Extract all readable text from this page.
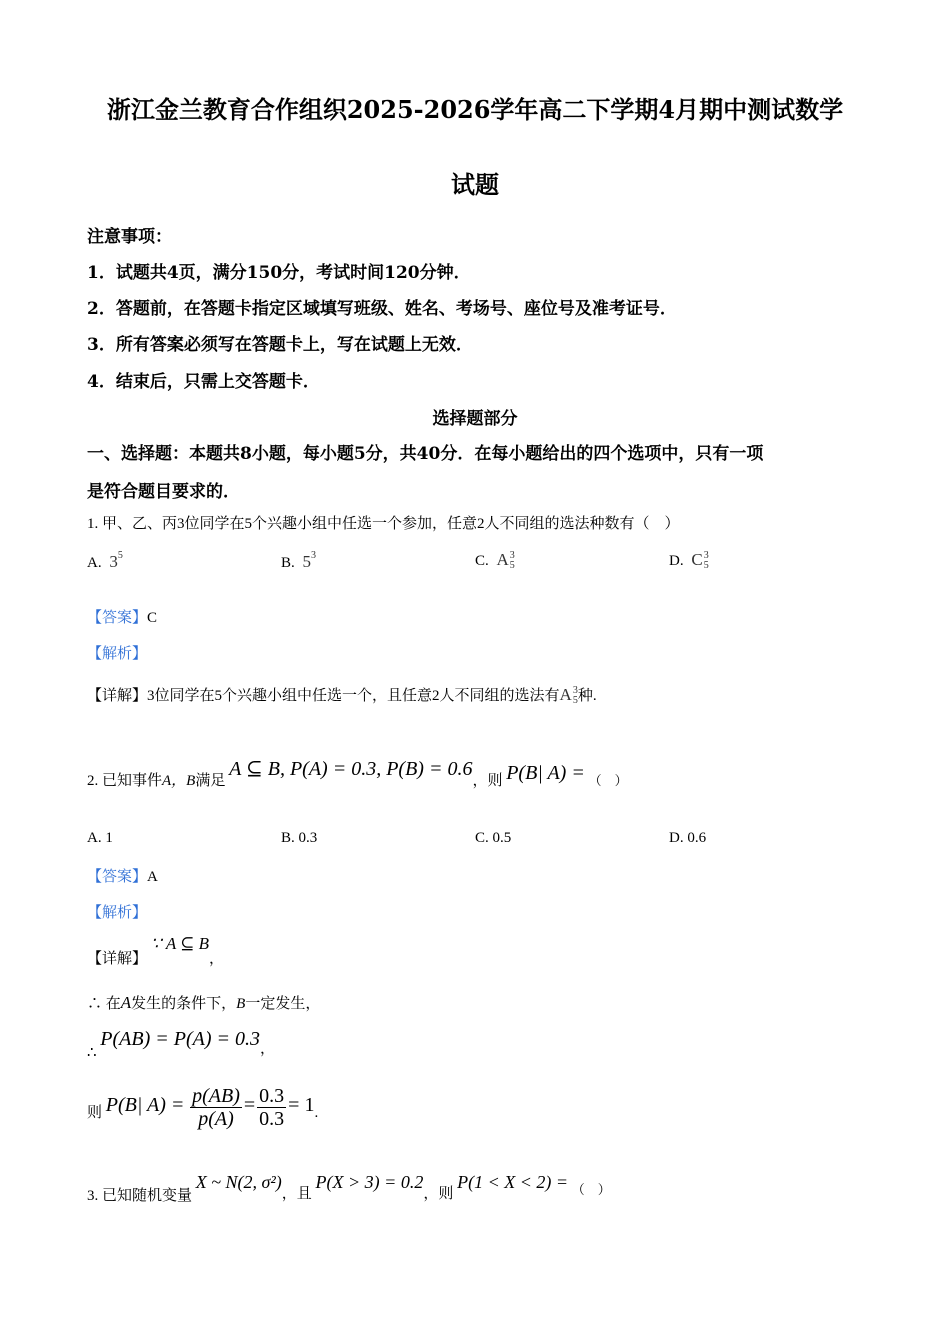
浙江金兰教育合作组织2025-2026学年高二下学期4月期中测试数学
试题
注意事项：
1．试题共4页，满分150分，考试时间120分钟．
2．答题前，在答题卡指定区域填写班级、姓名、考场号、座位号及准考证号．
3．所有答案必须写在答题卡上，写在试题上无效．
4．结束后，只需上交答题卡．
选择题部分
一、选择题：本题共8小题，每小题5分，共40分．在每小题给出的四个选项中，只有一项
是符合题目要求的．
1. 甲、乙、丙3位同学在5个兴趣小组中任选一个参加，任意2人不同组的选法种数有（　）
A. $3^5$	B. $5^3$	C. A 3
5	D. C 3
5
【答案】C
【解析】
【详解】3位同学在5个兴趣小组中任选一个，且任意2人不同组的选法有A 3
5 种.
2. 已知事件A，B满足 A ⊆ B, P(A) = 0.3, P(B) = 0.6，则 P(B| A) = （　）
A. 1	B. 0.3	C. 0.5	D. 0.6
【答案】A
【解析】
【详解】 ∵ A ⊆ B，
∴ 在A发生的条件下，B一定发生，
∴ P(AB) = P(A) = 0.3，
则 P(B| $A) = \frac{p(AB)}{p(A)} = \frac{0.3}{0.3} = 1$.
3. 已知随机变量 X ~ N(2, σ²)，且 P(X > 3) = 0.2，则 P(1 < X < 2) = （　）
